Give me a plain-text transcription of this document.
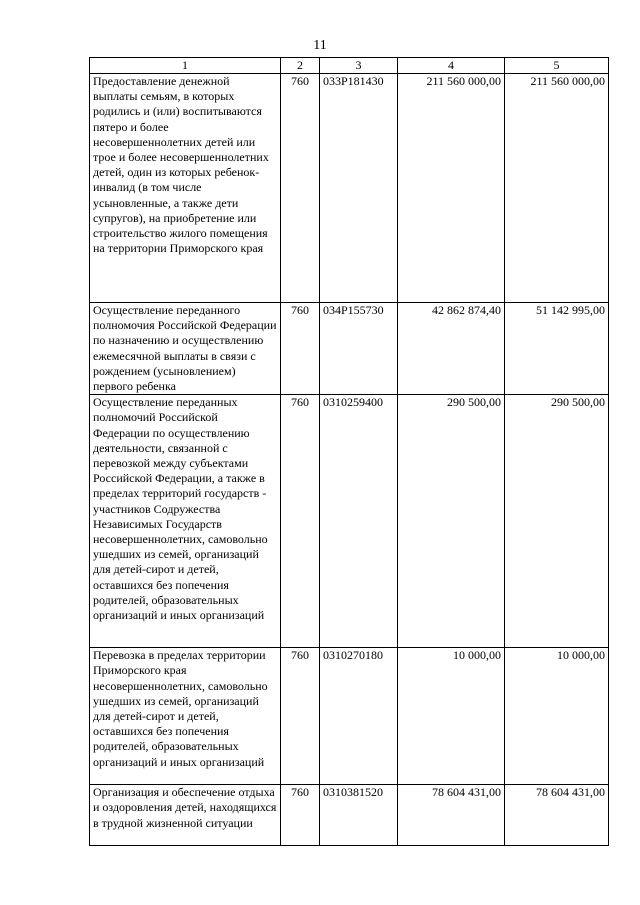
11
1	2	3	4	5
Предоставление денежной выплаты семьям, в которых родились и (или) воспитываются пятеро и более несовершеннолетних детей или трое и более несовершеннолетних детей, один из которых ребенок-инвалид (в том числе усыновленные, а также дети супругов), на приобретение или строительство жилого помещения на территории Приморского края	760	033P181430	211 560 000,00	211 560 000,00
Осуществление переданного полномочия Российской Федерации по назначению и осуществлению ежемесячной выплаты в связи с рождением (усыновлением) первого ребенка	760	034P155730	42 862 874,40	51 142 995,00
Осуществление переданных полномочий Российской Федерации по осуществлению деятельности, связанной с перевозкой между субъектами Российской Федерации, а также в пределах территорий государств - участников Содружества Независимых Государств несовершеннолетних, самовольно ушедших из семей, организаций для детей-сирот и детей, оставшихся без попечения родителей, образовательных организаций и иных организаций	760	0310259400	290 500,00	290 500,00
Перевозка в пределах территории Приморского края несовершеннолетних, самовольно ушедших из семей, организаций для детей-сирот и детей, оставшихся без попечения родителей, образовательных организаций и иных организаций	760	0310270180	10 000,00	10 000,00
Организация и обеспечение отдыха и оздоровления детей, находящихся в трудной жизненной ситуации	760	0310381520	78 604 431,00	78 604 431,00
